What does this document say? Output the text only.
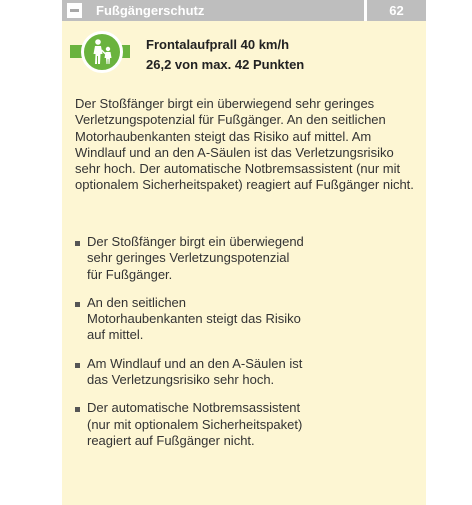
Fußgängerschutz	62
Frontalaufprall 40 km/h
26,2 von max. 42 Punkten

Der Stoßfänger birgt ein überwiegend sehr geringes Verletzungspotenzial für Fußgänger. An den seitlichen Motorhaubenkanten steigt das Risiko auf mittel. Am Windlauf und an den A-Säulen ist das Verletzungsrisiko sehr hoch. Der automatische Notbremsassistent (nur mit optionalem Sicherheitspaket) reagiert auf Fußgänger nicht.

Der Stoßfänger birgt ein überwiegend sehr geringes Verletzungspotenzial für Fußgänger.
An den seitlichen Motorhaubenkanten steigt das Risiko auf mittel.
Am Windlauf und an den A-Säulen ist das Verletzungsrisiko sehr hoch.
Der automatische Notbremsassistent (nur mit optionalem Sicherheitspaket) reagiert auf Fußgänger nicht.
